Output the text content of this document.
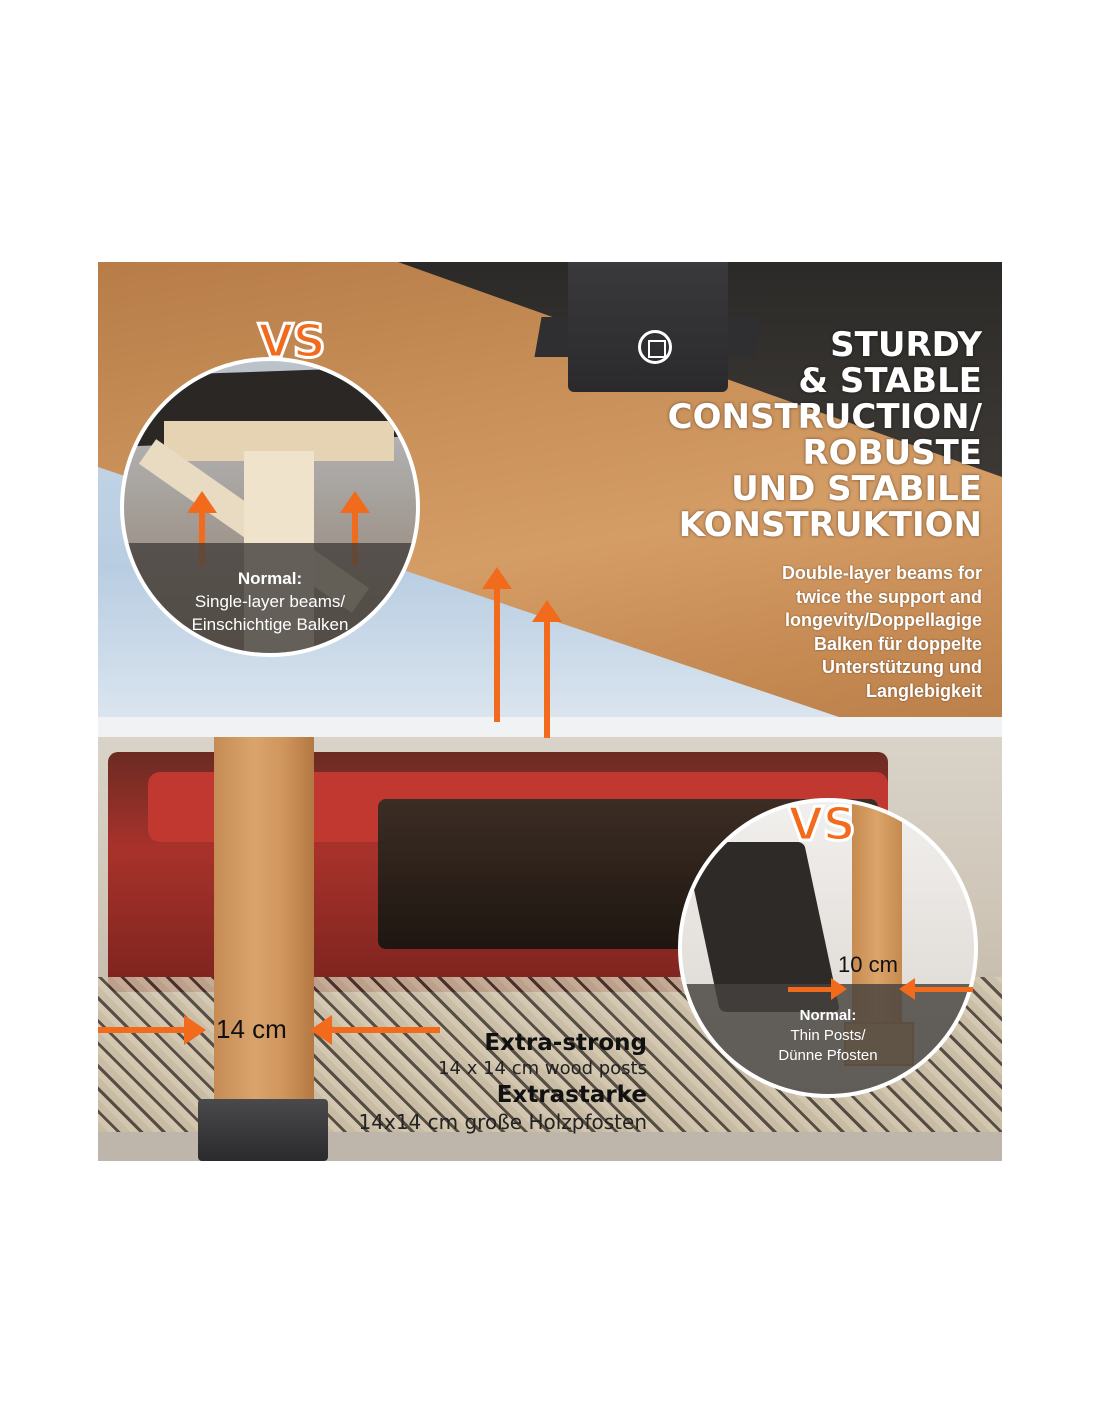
Normal:
Single-layer beams/
Einschichtige Balken
VS	STURDY
& STABLE
CONSTRUCTION/
ROBUSTE
UND STABILE
KONSTRUKTION
Double-layer beams for
twice the support and
longevity/Doppellagige
Balken für doppelte
Unterstützung und
Langlebigkeit
14 cm	Extra-strong
14 x 14 cm wood posts
Extrastarke
14x14 cm große Holzpfosten
Normal:
Thin Posts/
Dünne Pfosten
10 cm
VS
